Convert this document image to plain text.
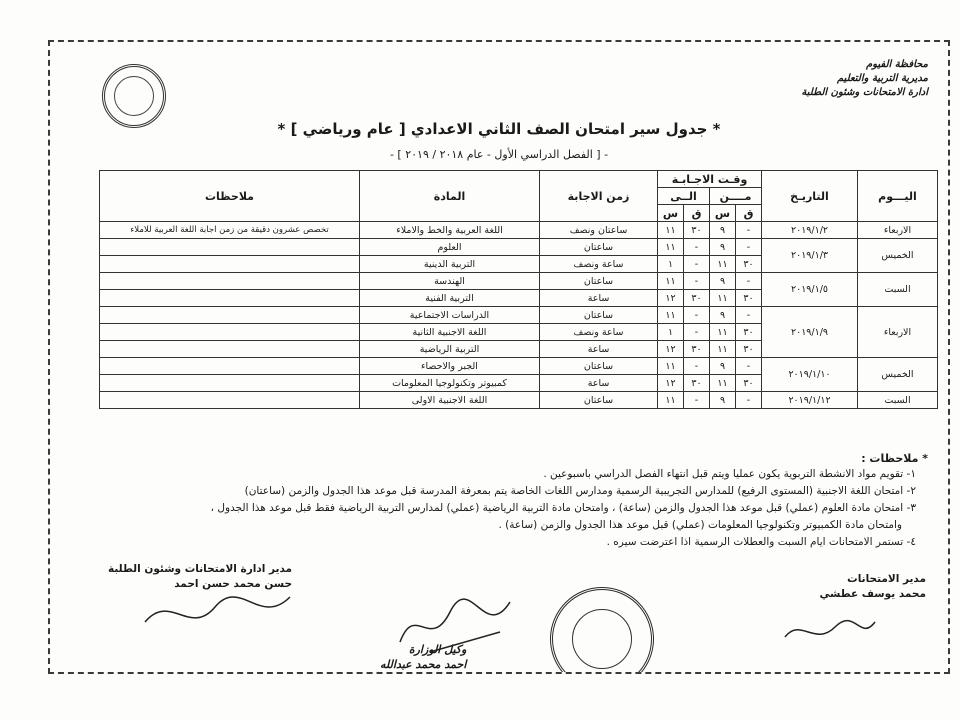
محافظة الفيوم
مديرية التربية والتعليم
ادارة الامتحانات وشئون الطلبة
* جدول سير امتحان الصف الثاني الاعدادي [ عام ورياضي ] *
- [ الفصل الدراسي الأول - عام ٢٠١٨ / ٢٠١٩ ] -
اليـــوم	التاريـخ	وقـت الاجـابـة				زمن الاجابة	المادة	ملاحظات
		مــــن		الــى				
		ق	س	ق	س			
الاربعاء	٢٠١٩/١/٢	-	٩	٣٠	١١	ساعتان ونصف	اللغة العربية والخط والاملاء	تخصص عشرون دقيقة من زمن اجابة اللغة العربية للاملاء
الخميس	٢٠١٩/١/٣	-	٩	-	١١	ساعتان	العلوم	
		٣٠	١١	-	١	ساعة ونصف	التربية الدينية	
السبت	٢٠١٩/١/٥	-	٩	-	١١	ساعتان	الهندسة	
		٣٠	١١	٣٠	١٢	ساعة	التربية الفنية	
الاربعاء	٢٠١٩/١/٩	-	٩	-	١١	ساعتان	الدراسات الاجتماعية	
		٣٠	١١	-	١	ساعة ونصف	اللغة الاجنبية الثانية	
		٣٠	١١	٣٠	١٢	ساعة	التربية الرياضية	
الخميس	٢٠١٩/١/١٠	-	٩	-	١١	ساعتان	الجبر والاحصاء	
		٣٠	١١	٣٠	١٢	ساعة	كمبيوتر وتكنولوجيا المعلومات	
السبت	٢٠١٩/١/١٢	-	٩	-	١١	ساعتان	اللغة الاجنبية الاولى	
* ملاحظات :
١- تقويم مواد الانشطة التربوية يكون عمليا ويتم قبل انتهاء الفصل الدراسي باسبوعين .
٢- امتحان اللغة الاجنبية (المستوى الرفيع) للمدارس التجريبية الرسمية ومدارس اللغات الخاصة يتم بمعرفة المدرسة قبل موعد هذا الجدول والزمن (ساعتان)
٣- امتحان مادة العلوم (عملي) قبل موعد هذا الجدول والزمن (ساعة) ، وامتحان مادة التربية الرياضية (عملي) لمدارس التربية الرياضية فقط قبل موعد هذا الجدول ،
وامتحان مادة الكمبيوتر وتكنولوجيا المعلومات (عملي) قبل موعد هذا الجدول والزمن (ساعة) .
٤- تستمر الامتحانات ايام السبت والعطلات الرسمية اذا اعترضت سيره .
مدير الامتحانات
محمد يوسف عطشي
مدير ادارة الامتحانات وشئون الطلبة
حسن محمد حسن احمد
وكيل الوزارة
احمد محمد عبدالله
